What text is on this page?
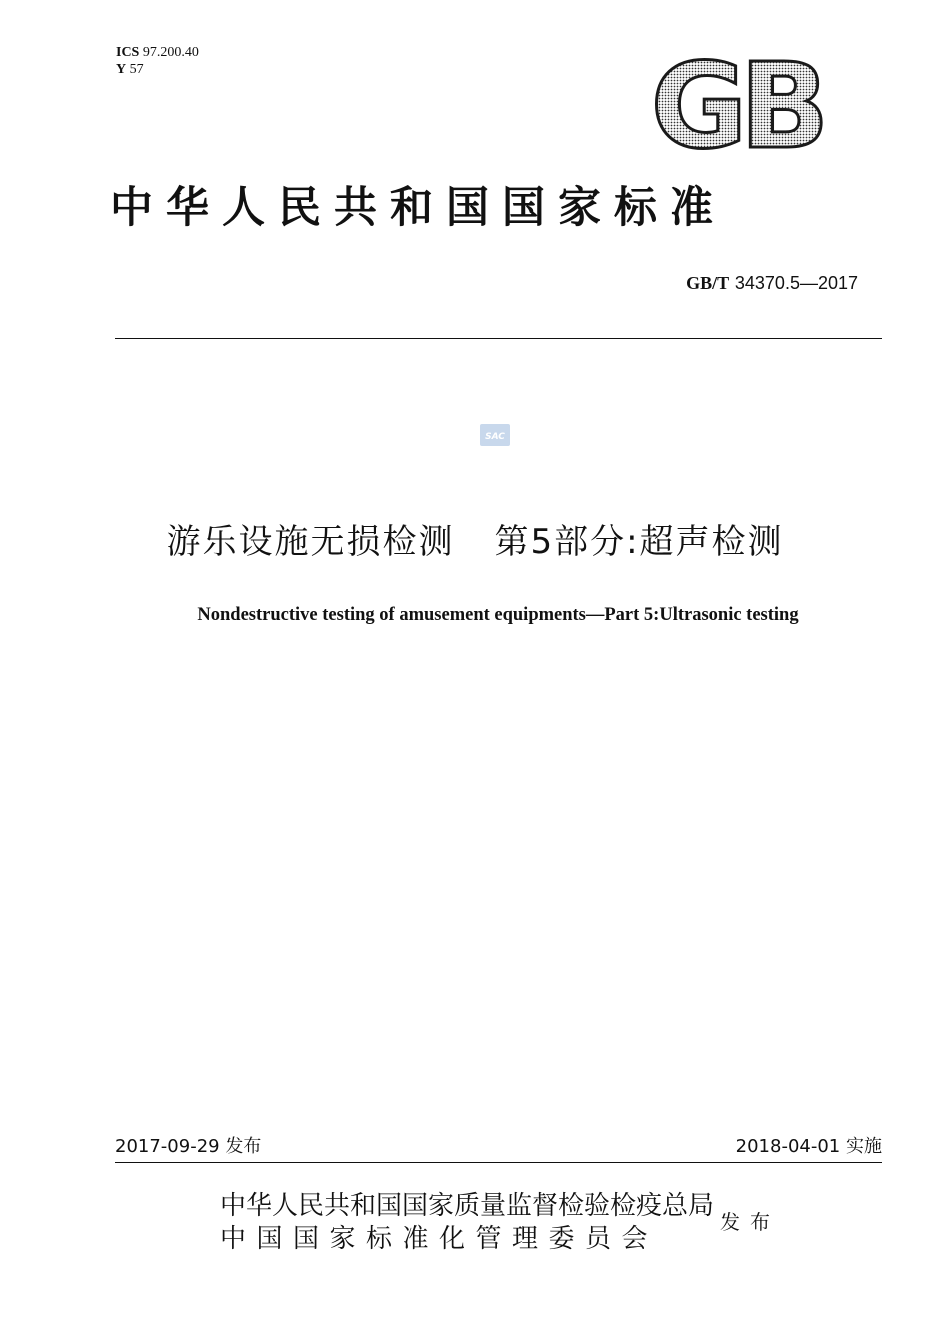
ICS 97.200.40
Y 57	GB
中华人民共和国国家标准
GB/T 34370.5—2017
SAC
游乐设施无损检测 第5部分:超声检测
Nondestructive testing of amusement equipments—Part 5:Ultrasonic testing
2017-09-29 发布	2018-04-01 实施
中华人民共和国国家质量监督检验检疫总局
中国国家标准化管理委员会
发布
